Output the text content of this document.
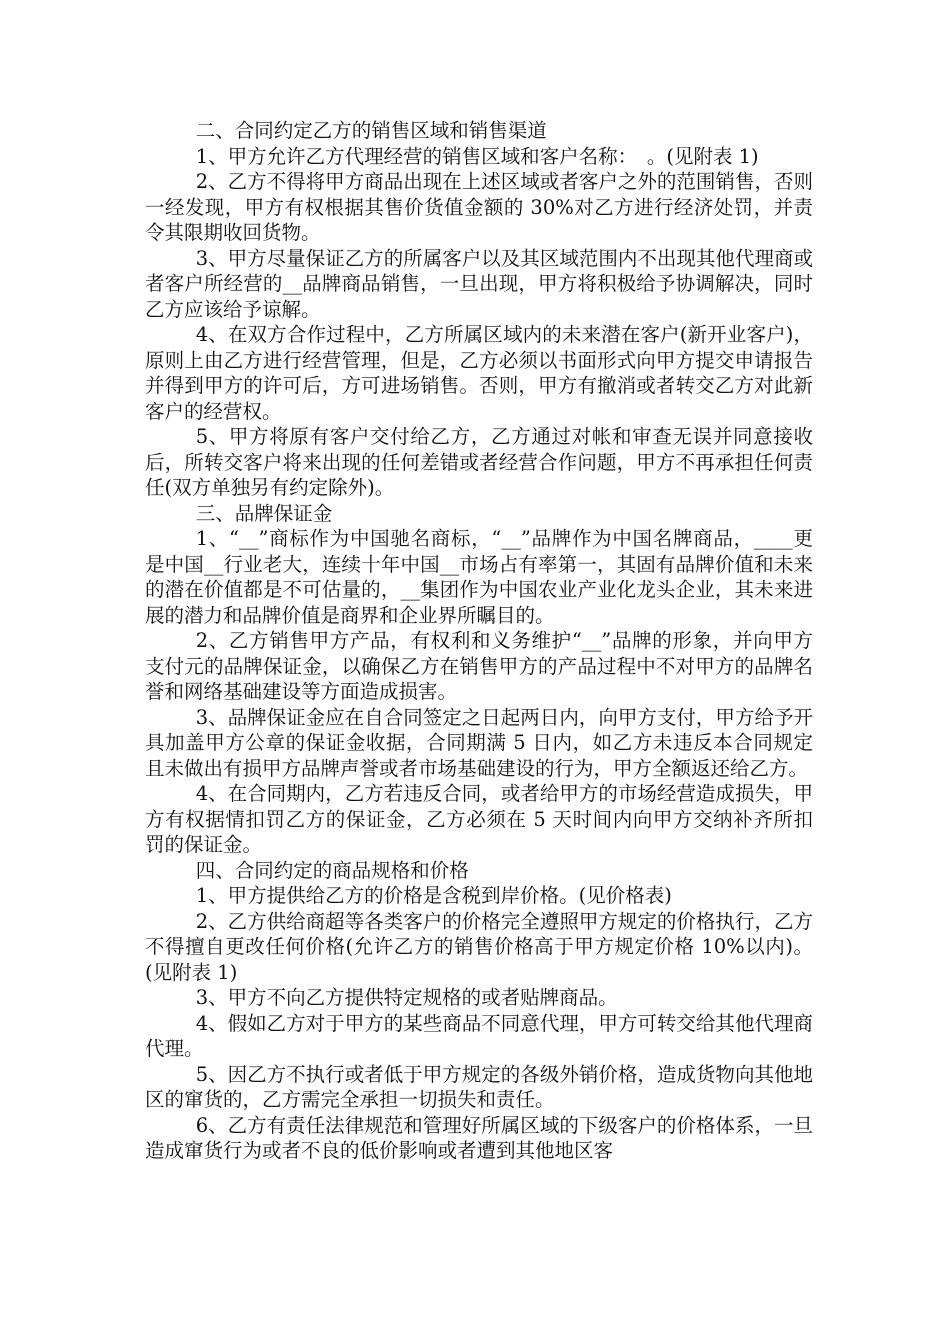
二、合同约定乙方的销售区域和销售渠道

1、甲方允许乙方代理经营的销售区域和客户名称：　。(见附表 1)

2、乙方不得将甲方商品出现在上述区域或者客户之外的范围销售，否则一经发现，甲方有权根据其售价货值金额的 30%对乙方进行经济处罚，并责令其限期收回货物。

3、甲方尽量保证乙方的所属客户以及其区域范围内不出现其他代理商或者客户所经营的__品牌商品销售，一旦出现，甲方将积极给予协调解决，同时乙方应该给予谅解。

4、在双方合作过程中，乙方所属区域内的未来潜在客户(新开业客户)，原则上由乙方进行经营管理，但是，乙方必须以书面形式向甲方提交申请报告并得到甲方的许可后，方可进场销售。否则，甲方有撤消或者转交乙方对此新客户的经营权。

5、甲方将原有客户交付给乙方，乙方通过对帐和审查无误并同意接收后，所转交客户将来出现的任何差错或者经营合作问题，甲方不再承担任何责任(双方单独另有约定除外)。

三、品牌保证金

1、“__”商标作为中国驰名商标，“__”品牌作为中国名牌商品，____更是中国__行业老大，连续十年中国__市场占有率第一，其固有品牌价值和未来的潜在价值都是不可估量的，__集团作为中国农业产业化龙头企业，其未来进展的潜力和品牌价值是商界和企业界所瞩目的。

2、乙方销售甲方产品，有权利和义务维护“__”品牌的形象，并向甲方支付元的品牌保证金，以确保乙方在销售甲方的产品过程中不对甲方的品牌名誉和网络基础建设等方面造成损害。

3、品牌保证金应在自合同签定之日起两日内，向甲方支付，甲方给予开具加盖甲方公章的保证金收据，合同期满 5 日内，如乙方未违反本合同规定且未做出有损甲方品牌声誉或者市场基础建设的行为，甲方全额返还给乙方。

4、在合同期内，乙方若违反合同，或者给甲方的市场经营造成损失，甲方有权据情扣罚乙方的保证金，乙方必须在 5 天时间内向甲方交纳补齐所扣罚的保证金。

四、合同约定的商品规格和价格

1、甲方提供给乙方的价格是含税到岸价格。(见价格表)

2、乙方供给商超等各类客户的价格完全遵照甲方规定的价格执行，乙方不得擅自更改任何价格(允许乙方的销售价格高于甲方规定价格 10%以内)。(见附表 1)

3、甲方不向乙方提供特定规格的或者贴牌商品。

4、假如乙方对于甲方的某些商品不同意代理，甲方可转交给其他代理商代理。

5、因乙方不执行或者低于甲方规定的各级外销价格，造成货物向其他地区的窜货的，乙方需完全承担一切损失和责任。

6、乙方有责任法律规范和管理好所属区域的下级客户的价格体系，一旦造成窜货行为或者不良的低价影响或者遭到其他地区客
